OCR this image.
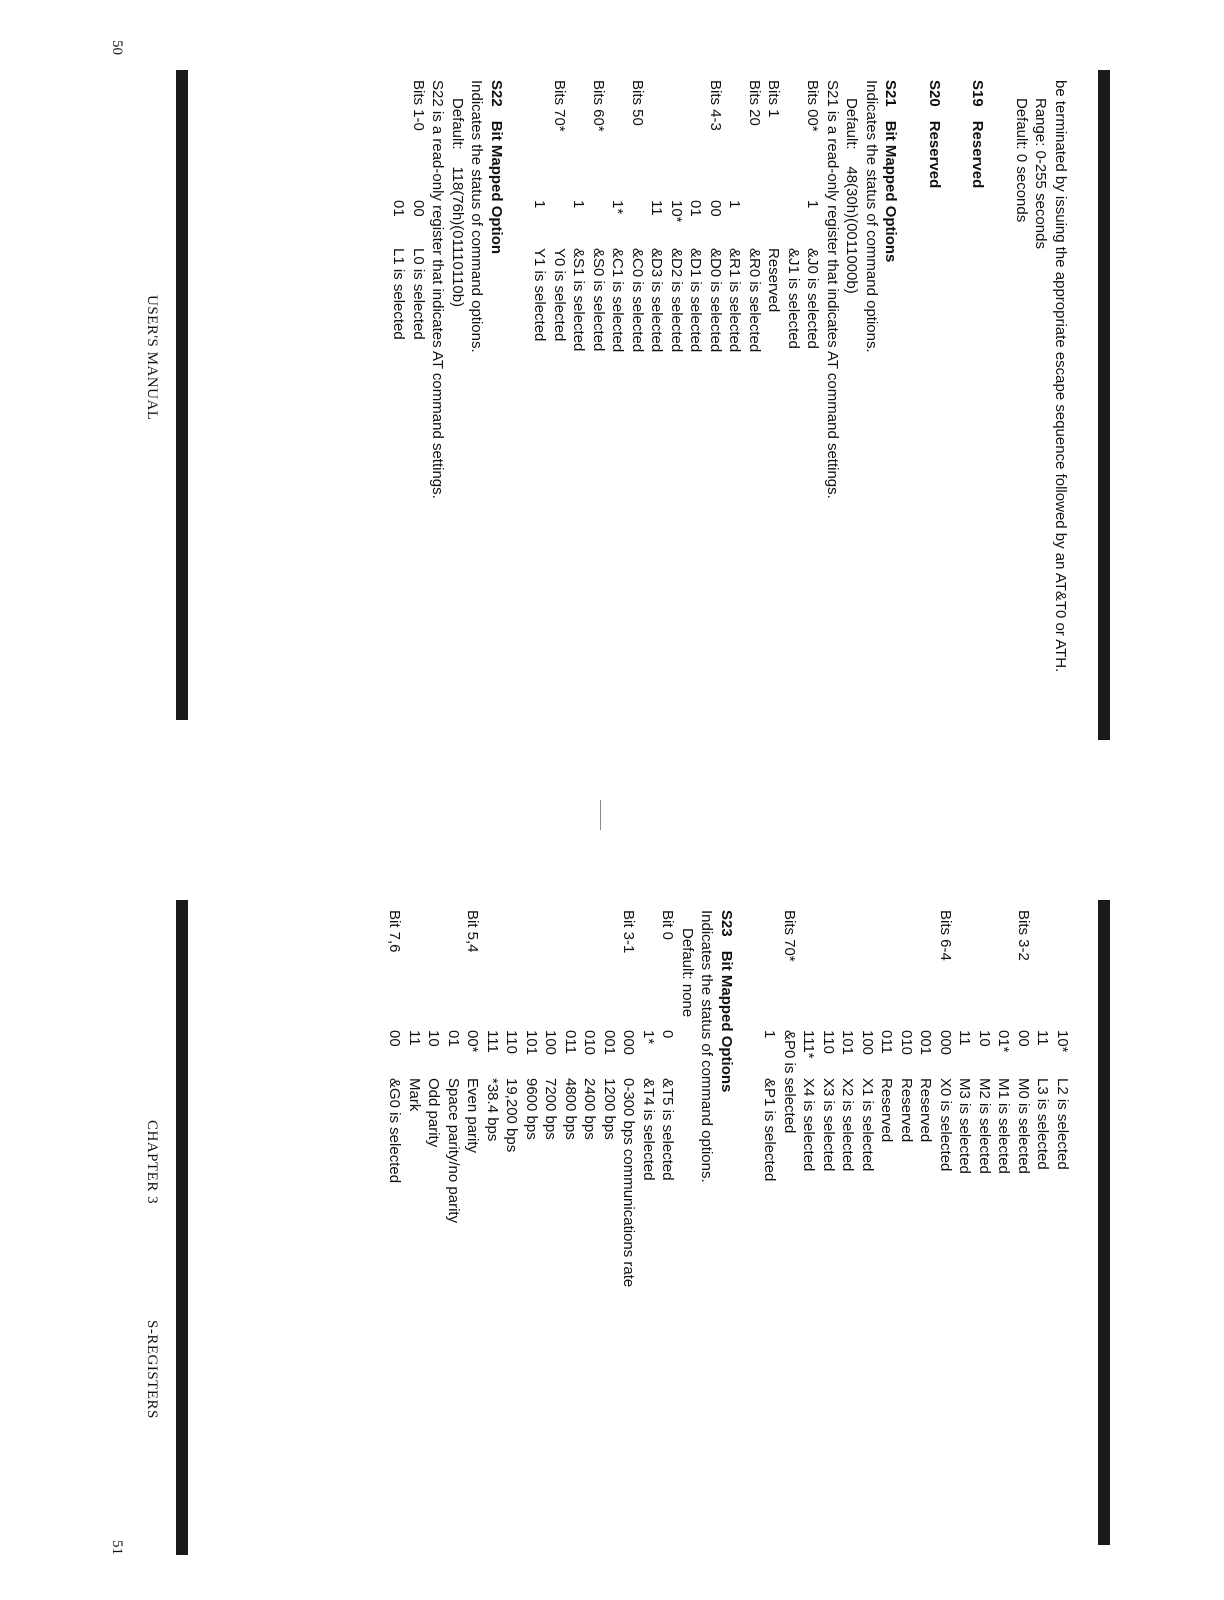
be terminated by issuing the appropriate escape sequence followed by an AT&T0 or ATH.

Range: 0-255 seconds

Default: 0 seconds

S19Reserved

S20Reserved

S21Bit Mapped Options

Indicates the status of command options.

Default:    48(30h)(0011000b)

S21 is a read-only register that indicates AT command settings.

Bits 00*
1
&J0 is selected
&J1 is selected
Bits 1
Reserved
Bits 20
&R0 is selected
1
&R1 is selected
Bits 4-3
00
&D0 is selected
01
&D1 is selected
10*
&D2 is selected
11
&D3 is selected
Bits 50
&C0 is selected
1*
&C1 is selected
Bits 60*
&S0 is selected
1
&S1 is selected
Bits 70*
Y0 is selected
1
Y1 is selected

S22Bit Mapped Option

Indicates the status of command options.

Default:    118(76h)(01110110b)

S22 is a read-only register that indicates AT command settings.

Bits 1-0
00
L0 is selected
01
L1 is selected
USER'S MANUAL
50
10*
L2 is selected
11
L3 is selected
Bits 3-2
00
M0 is selected
01*
M1 is selected
10
M2 is selected
11
M3 is selected
Bits 6-4
000
X0 is selected
001
Reserved
010
Reserved
011
Reserved
100
X1 is selected
101
X2 is selected
110
X3 is selected
111*
X4 is selected
Bits 70*
&P0 is selected
1
&P1 is selected

S23Bit Mapped Options

Indicates the status of command options.

Default: none

Bit 0
0
&T5 is selected
1*
&T4 is selected
Bit 3-1
000
0-300 bps communications rate
001
1200 bps
010
2400 bps
011
4800 bps
100
7200 bps
101
9600 bps
110
19,200 bps
111
*38.4 bps
Bit 5,4
00*
Even parity
01
Space parity/no parity
10
Odd parity
11
Mark
Bit 7,6
00
&G0 is selected
CHAPTER 3
S-REGISTERS
51
